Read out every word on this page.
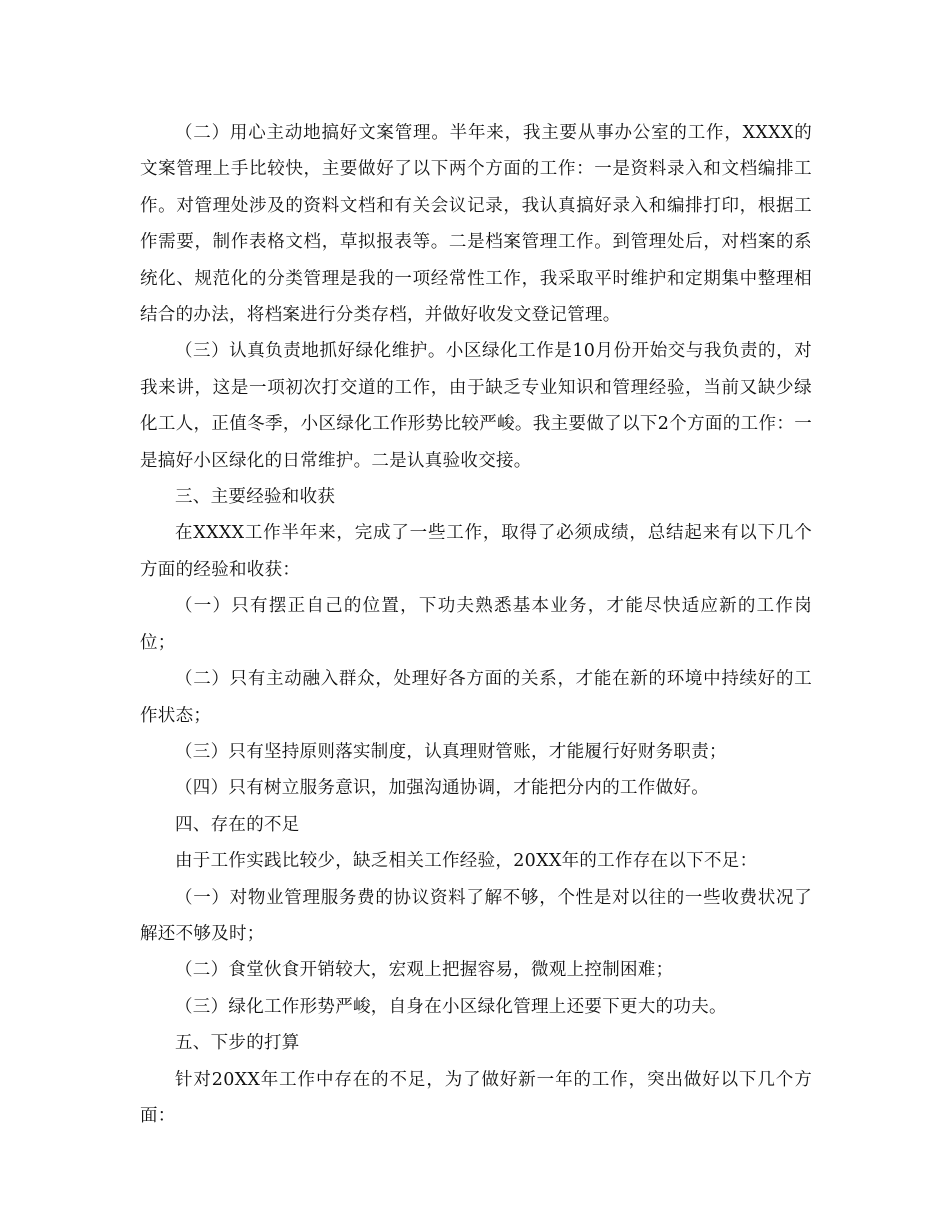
（二）用心主动地搞好文案管理。半年来，我主要从事办公室的工作，XXXX的文案管理上手比较快，主要做好了以下两个方面的工作：一是资料录入和文档编排工作。对管理处涉及的资料文档和有关会议记录，我认真搞好录入和编排打印，根据工作需要，制作表格文档，草拟报表等。二是档案管理工作。到管理处后，对档案的系统化、规范化的分类管理是我的一项经常性工作，我采取平时维护和定期集中整理相结合的办法，将档案进行分类存档，并做好收发文登记管理。

（三）认真负责地抓好绿化维护。小区绿化工作是10月份开始交与我负责的，对我来讲，这是一项初次打交道的工作，由于缺乏专业知识和管理经验，当前又缺少绿化工人，正值冬季，小区绿化工作形势比较严峻。我主要做了以下2个方面的工作：一是搞好小区绿化的日常维护。二是认真验收交接。

三、主要经验和收获

在XXXX工作半年来，完成了一些工作，取得了必须成绩，总结起来有以下几个方面的经验和收获：

（一）只有摆正自己的位置，下功夫熟悉基本业务，才能尽快适应新的工作岗位；

（二）只有主动融入群众，处理好各方面的关系，才能在新的环境中持续好的工作状态；

（三）只有坚持原则落实制度，认真理财管账，才能履行好财务职责；

（四）只有树立服务意识，加强沟通协调，才能把分内的工作做好。

四、存在的不足

由于工作实践比较少，缺乏相关工作经验，20XX年的工作存在以下不足：

（一）对物业管理服务费的协议资料了解不够，个性是对以往的一些收费状况了解还不够及时；

（二）食堂伙食开销较大，宏观上把握容易，微观上控制困难；

（三）绿化工作形势严峻，自身在小区绿化管理上还要下更大的功夫。

五、下步的打算

针对20XX年工作中存在的不足，为了做好新一年的工作，突出做好以下几个方面：
